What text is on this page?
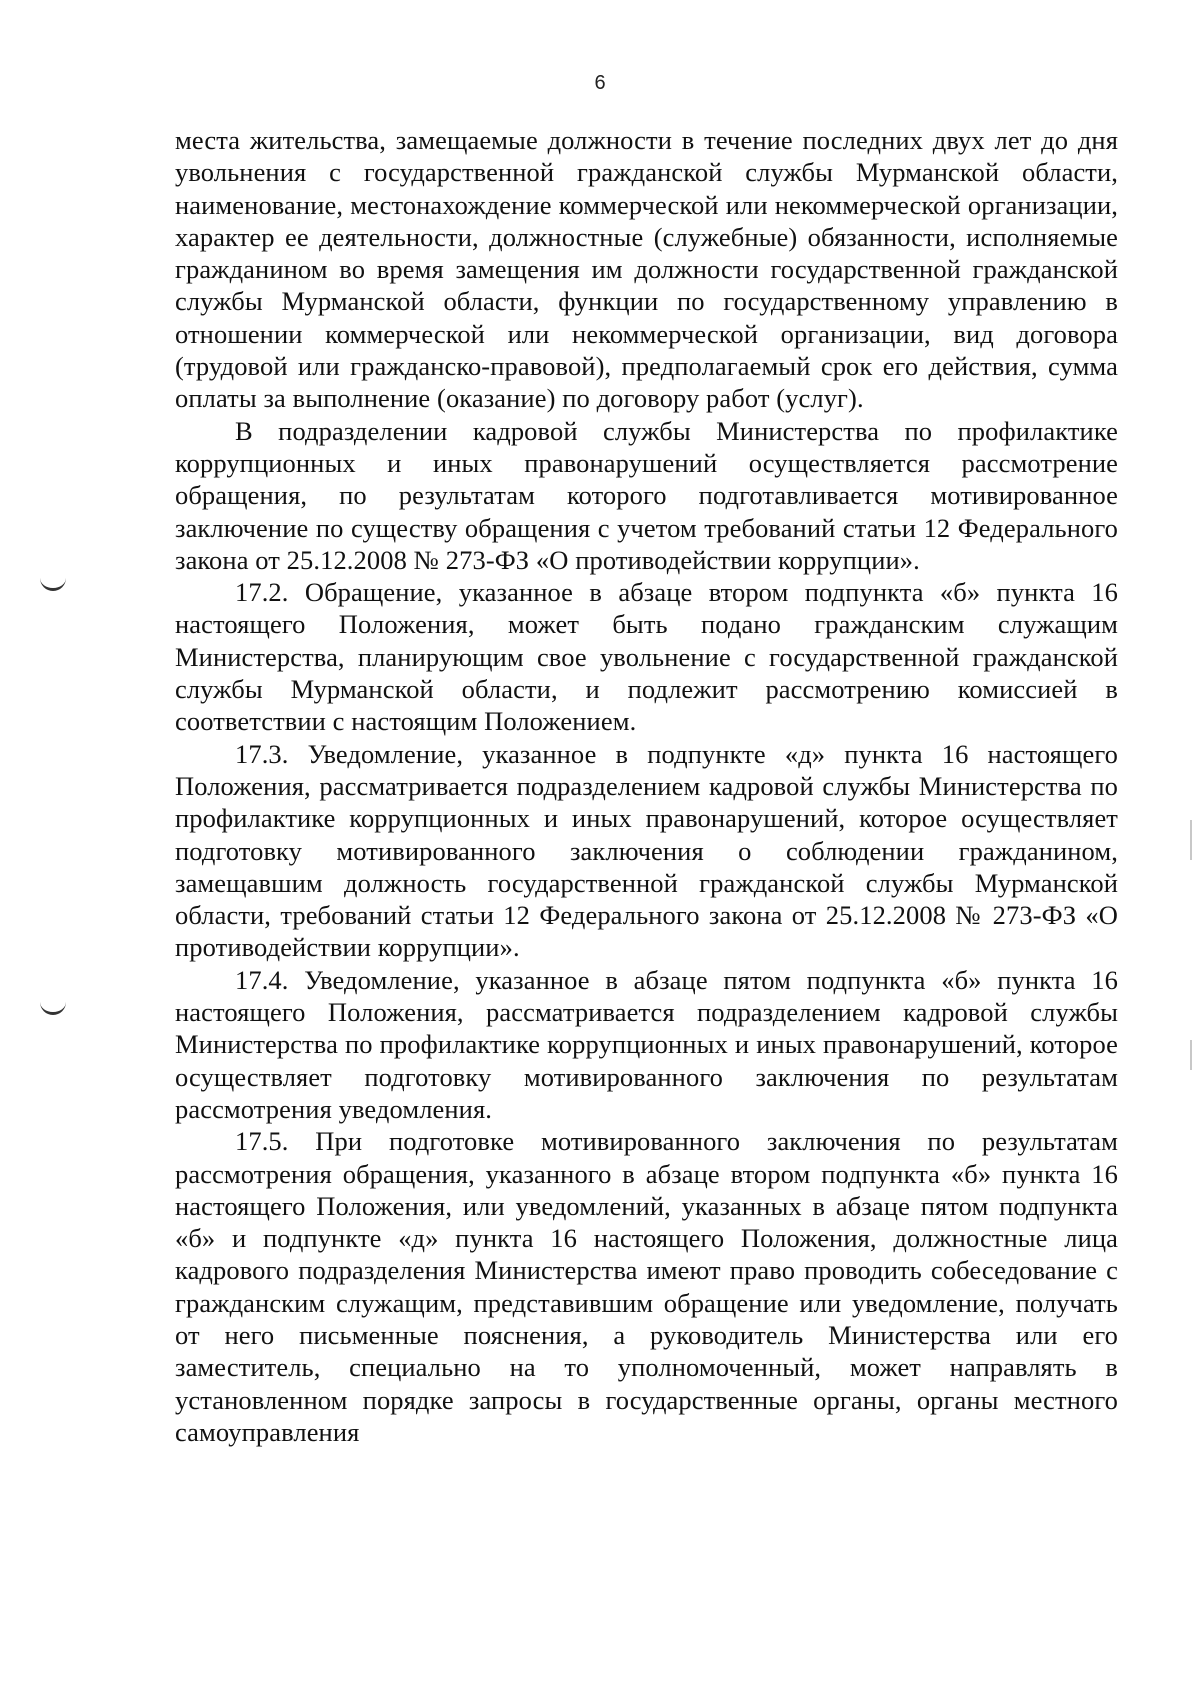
6

места жительства, замещаемые должности в течение последних двух лет до дня увольнения с государственной гражданской службы Мурманской области, наименование, местонахождение коммерческой или некоммерческой организации, характер ее деятельности, должностные (служебные) обязанности, исполняемые гражданином во время замещения им должности государственной гражданской службы Мурманской области, функции по государственному управлению в отношении коммерческой или некоммерческой организации, вид договора (трудовой или гражданско-правовой), предполагаемый срок его действия, сумма оплаты за выполнение (оказание) по договору работ (услуг).

В подразделении кадровой службы Министерства по профилактике коррупционных и иных правонарушений осуществляется рассмотрение обращения, по результатам которого подготавливается мотивированное заключение по существу обращения с учетом требований статьи 12 Федерального закона от 25.12.2008 № 273-ФЗ «О противодействии коррупции».

17.2. Обращение, указанное в абзаце втором подпункта «б» пункта 16 настоящего Положения, может быть подано гражданским служащим Министерства, планирующим свое увольнение с государственной гражданской службы Мурманской области, и подлежит рассмотрению комиссией в соответствии с настоящим Положением.

17.3. Уведомление, указанное в подпункте «д» пункта 16 настоящего Положения, рассматривается подразделением кадровой службы Министерства по профилактике коррупционных и иных правонарушений, которое осуществляет подготовку мотивированного заключения о соблюдении гражданином, замещавшим должность государственной гражданской службы Мурманской области, требований статьи 12 Федерального закона от 25.12.2008 № 273-ФЗ «О противодействии коррупции».

17.4. Уведомление, указанное в абзаце пятом подпункта «б» пункта 16 настоящего Положения, рассматривается подразделением кадровой службы Министерства по профилактике коррупционных и иных правонарушений, которое осуществляет подготовку мотивированного заключения по результатам рассмотрения уведомления.

17.5. При подготовке мотивированного заключения по результатам рассмотрения обращения, указанного в абзаце втором подпункта «б» пункта 16 настоящего Положения, или уведомлений, указанных в абзаце пятом подпункта «б» и подпункте «д» пункта 16 настоящего Положения, должностные лица кадрового подразделения Министерства имеют право проводить собеседование с гражданским служащим, представившим обращение или уведомление, получать от него письменные пояснения, а руководитель Министерства или его заместитель, специально на то уполномоченный, может направлять в установленном порядке запросы в государственные органы, органы местного самоуправления
